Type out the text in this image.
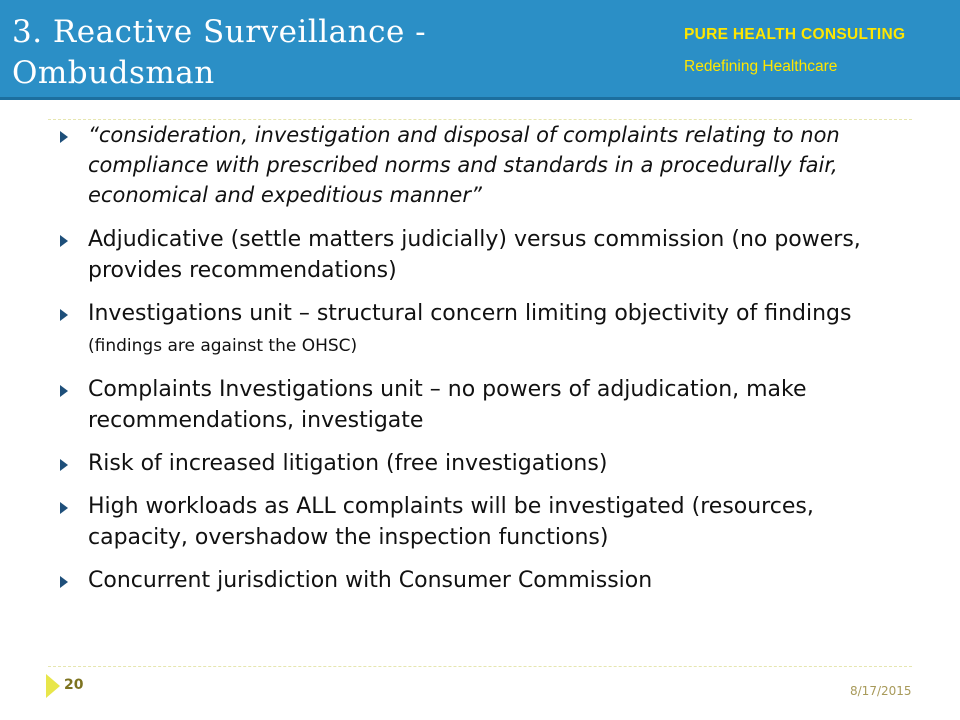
3. Reactive Surveillance - Ombudsman
PURE HEALTH CONSULTING
Redefining Healthcare
“consideration, investigation and disposal of complaints relating to non compliance with prescribed norms and standards in a procedurally fair, economical and expeditious manner”
Adjudicative (settle matters judicially) versus commission (no powers, provides recommendations)
Investigations unit – structural concern limiting objectivity of findings (findings are against the OHSC)
Complaints Investigations unit – no powers of adjudication, make recommendations, investigate
Risk of increased litigation (free investigations)
High workloads as ALL complaints will be investigated (resources, capacity, overshadow the inspection functions)
Concurrent jurisdiction with Consumer Commission
20	8/17/2015
